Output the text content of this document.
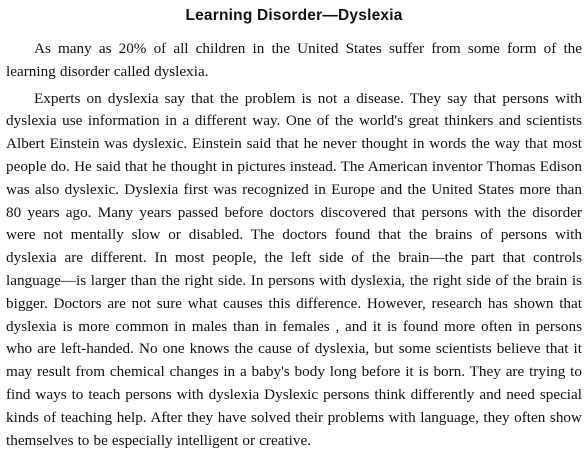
Learning Disorder—Dyslexia

As many as 20% of all children in the United States suffer from some form of the learning disorder called dyslexia.

Experts on dyslexia say that the problem is not a disease. They say that persons with dyslexia use information in a different way. One of the world's great thinkers and scientists Albert Einstein was dyslexic. Einstein said that he never thought in words the way that most people do. He said that he thought in pictures instead. The American inventor Thomas Edison was also dyslexic. Dyslexia first was recognized in Europe and the United States more than 80 years ago. Many years passed before doctors discovered that persons with the disorder were not mentally slow or disabled. The doctors found that the brains of persons with dyslexia are different. In most people, the left side of the brain—the part that controls language—is larger than the right side. In persons with dyslexia, the right side of the brain is bigger. Doctors are not sure what causes this difference. However, research has shown that dyslexia is more common in males than in females , and it is found more often in persons who are left-handed. No one knows the cause of dyslexia, but some scientists believe that it may result from chemical changes in a baby's body long before it is born. They are trying to find ways to teach persons with dyslexia Dyslexic persons think differently and need special kinds of teaching help. After they have solved their problems with language, they often show themselves to be especially intelligent or creative.
